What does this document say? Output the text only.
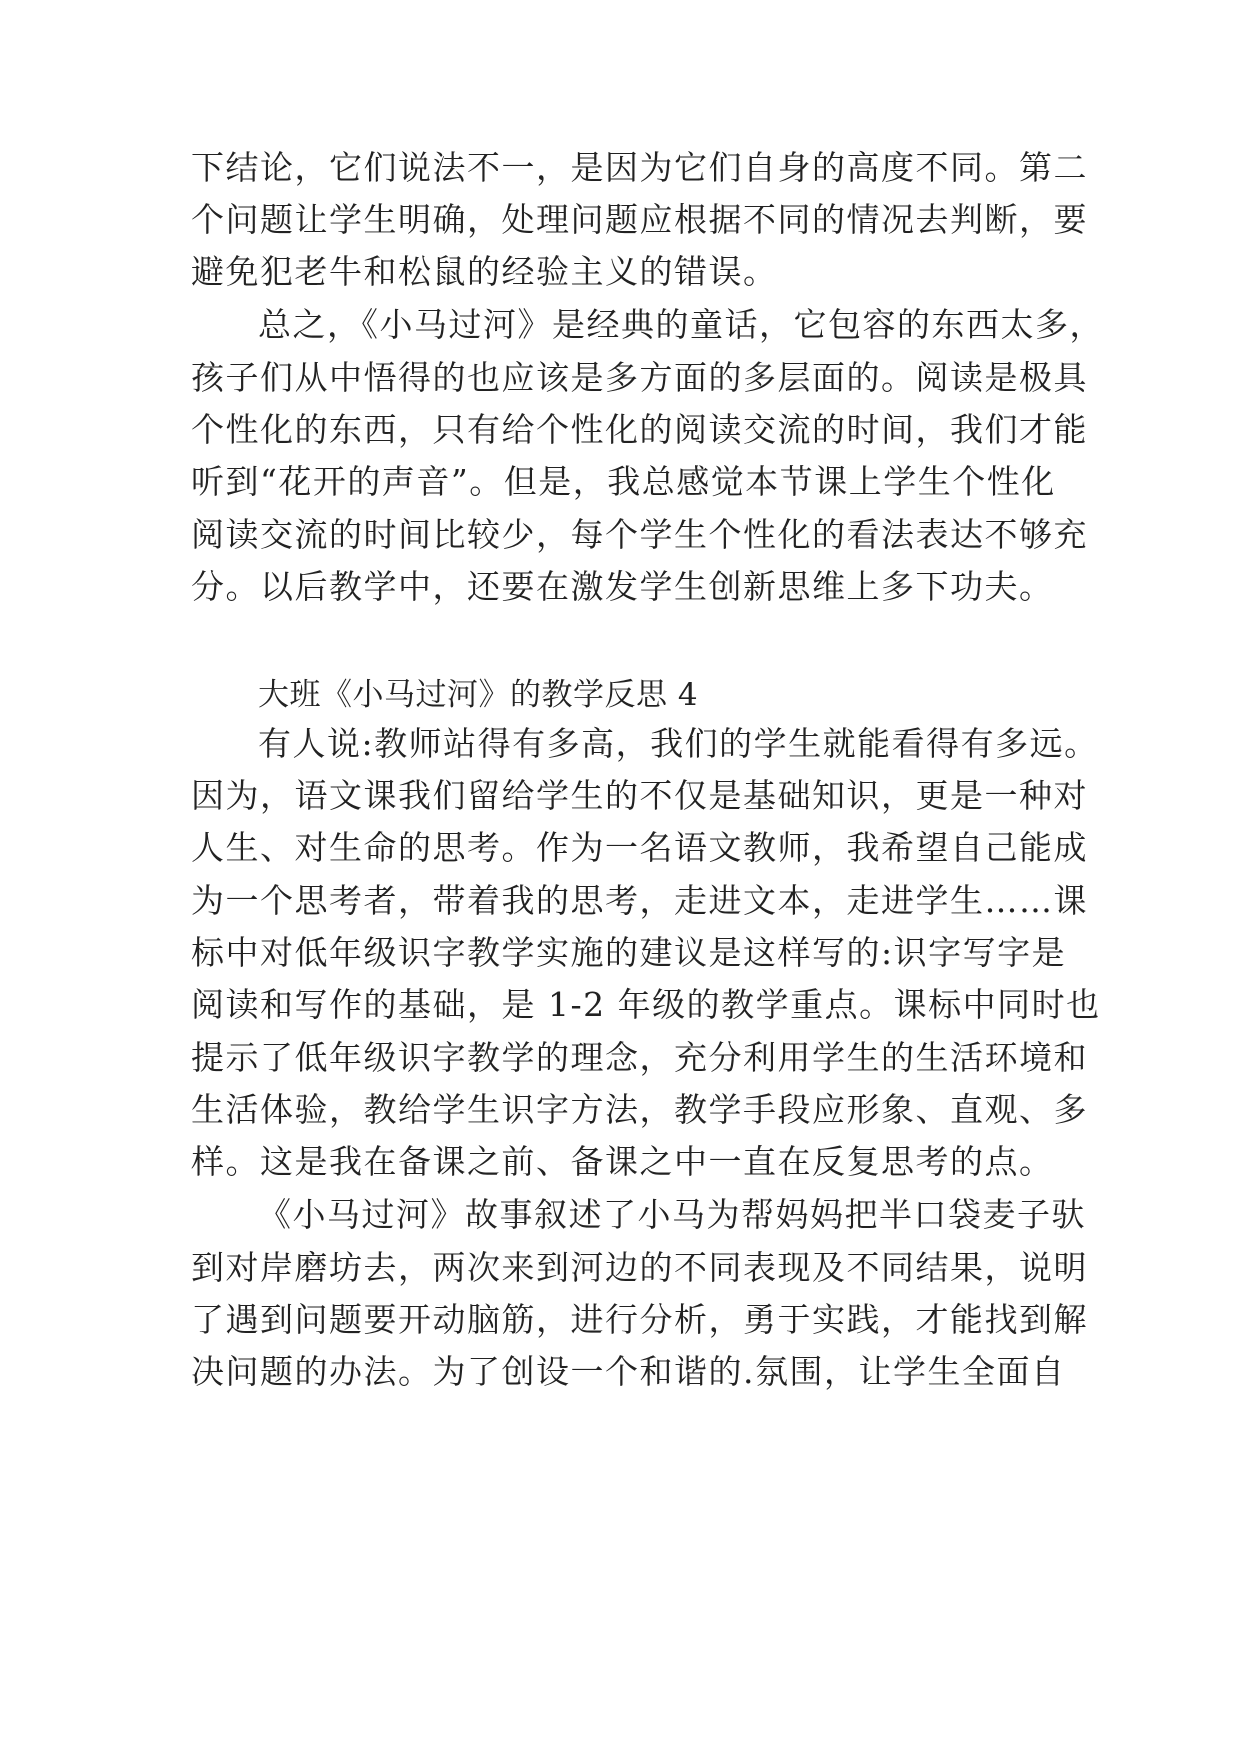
下结论，它们说法不一，是因为它们自身的高度不同。第二
个问题让学生明确，处理问题应根据不同的情况去判断，要
避免犯老牛和松鼠的经验主义的错误。
总之，《小马过河》是经典的童话，它包容的东西太多，
孩子们从中悟得的也应该是多方面的多层面的。阅读是极具
个性化的东西，只有给个性化的阅读交流的时间，我们才能
听到“花开的声音”。但是，我总感觉本节课上学生个性化
阅读交流的时间比较少，每个学生个性化的看法表达不够充
分。以后教学中，还要在激发学生创新思维上多下功夫。
大班《小马过河》的教学反思 4
有人说:教师站得有多高，我们的学生就能看得有多远。
因为，语文课我们留给学生的不仅是基础知识，更是一种对
人生、对生命的思考。作为一名语文教师，我希望自己能成
为一个思考者，带着我的思考，走进文本，走进学生……课
标中对低年级识字教学实施的建议是这样写的:识字写字是
阅读和写作的基础，是 1-2 年级的教学重点。课标中同时也
提示了低年级识字教学的理念，充分利用学生的生活环境和
生活体验，教给学生识字方法，教学手段应形象、直观、多
样。这是我在备课之前、备课之中一直在反复思考的点。
《小马过河》故事叙述了小马为帮妈妈把半口袋麦子驮
到对岸磨坊去，两次来到河边的不同表现及不同结果，说明
了遇到问题要开动脑筋，进行分析，勇于实践，才能找到解
决问题的办法。为了创设一个和谐的.氛围，让学生全面自
